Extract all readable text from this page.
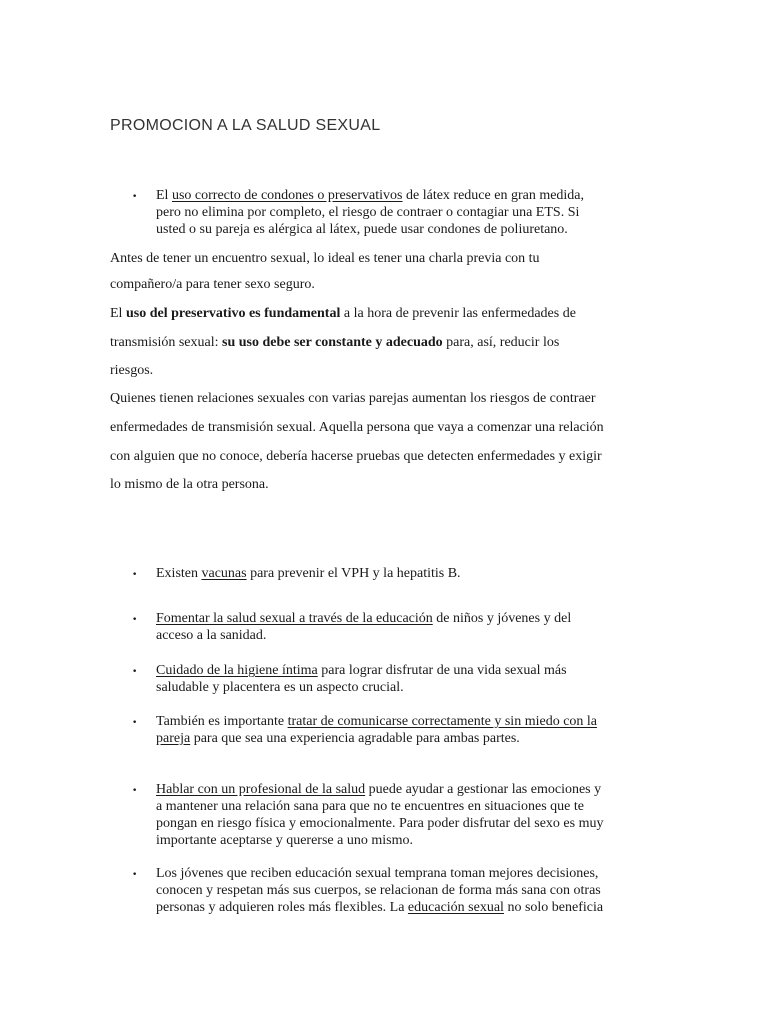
PROMOCION A LA SALUD SEXUAL
• El uso correcto de condones o preservativos de látex reduce en gran medida,
pero no elimina por completo, el riesgo de contraer o contagiar una ETS. Si
usted o su pareja es alérgica al látex, puede usar condones de poliuretano.
Antes de tener un encuentro sexual, lo ideal es tener una charla previa con tu
compañero/a para tener sexo seguro.
El uso del preservativo es fundamental a la hora de prevenir las enfermedades de
transmisión sexual: su uso debe ser constante y adecuado para, así, reducir los
riesgos.
Quienes tienen relaciones sexuales con varias parejas aumentan los riesgos de contraer
enfermedades de transmisión sexual. Aquella persona que vaya a comenzar una relación
con alguien que no conoce, debería hacerse pruebas que detecten enfermedades y exigir
lo mismo de la otra persona.
• Existen vacunas para prevenir el VPH y la hepatitis B.
• Fomentar la salud sexual a través de la educación de niños y jóvenes y del
acceso a la sanidad.
• Cuidado de la higiene íntima para lograr disfrutar de una vida sexual más
saludable y placentera es un aspecto crucial.
• También es importante tratar de comunicarse correctamente y sin miedo con la
pareja para que sea una experiencia agradable para ambas partes.
• Hablar con un profesional de la salud puede ayudar a gestionar las emociones y
a mantener una relación sana para que no te encuentres en situaciones que te
pongan en riesgo física y emocionalmente. Para poder disfrutar del sexo es muy
importante aceptarse y quererse a uno mismo.
• Los jóvenes que reciben educación sexual temprana toman mejores decisiones,
conocen y respetan más sus cuerpos, se relacionan de forma más sana con otras
personas y adquieren roles más flexibles. La educación sexual no solo beneficia
